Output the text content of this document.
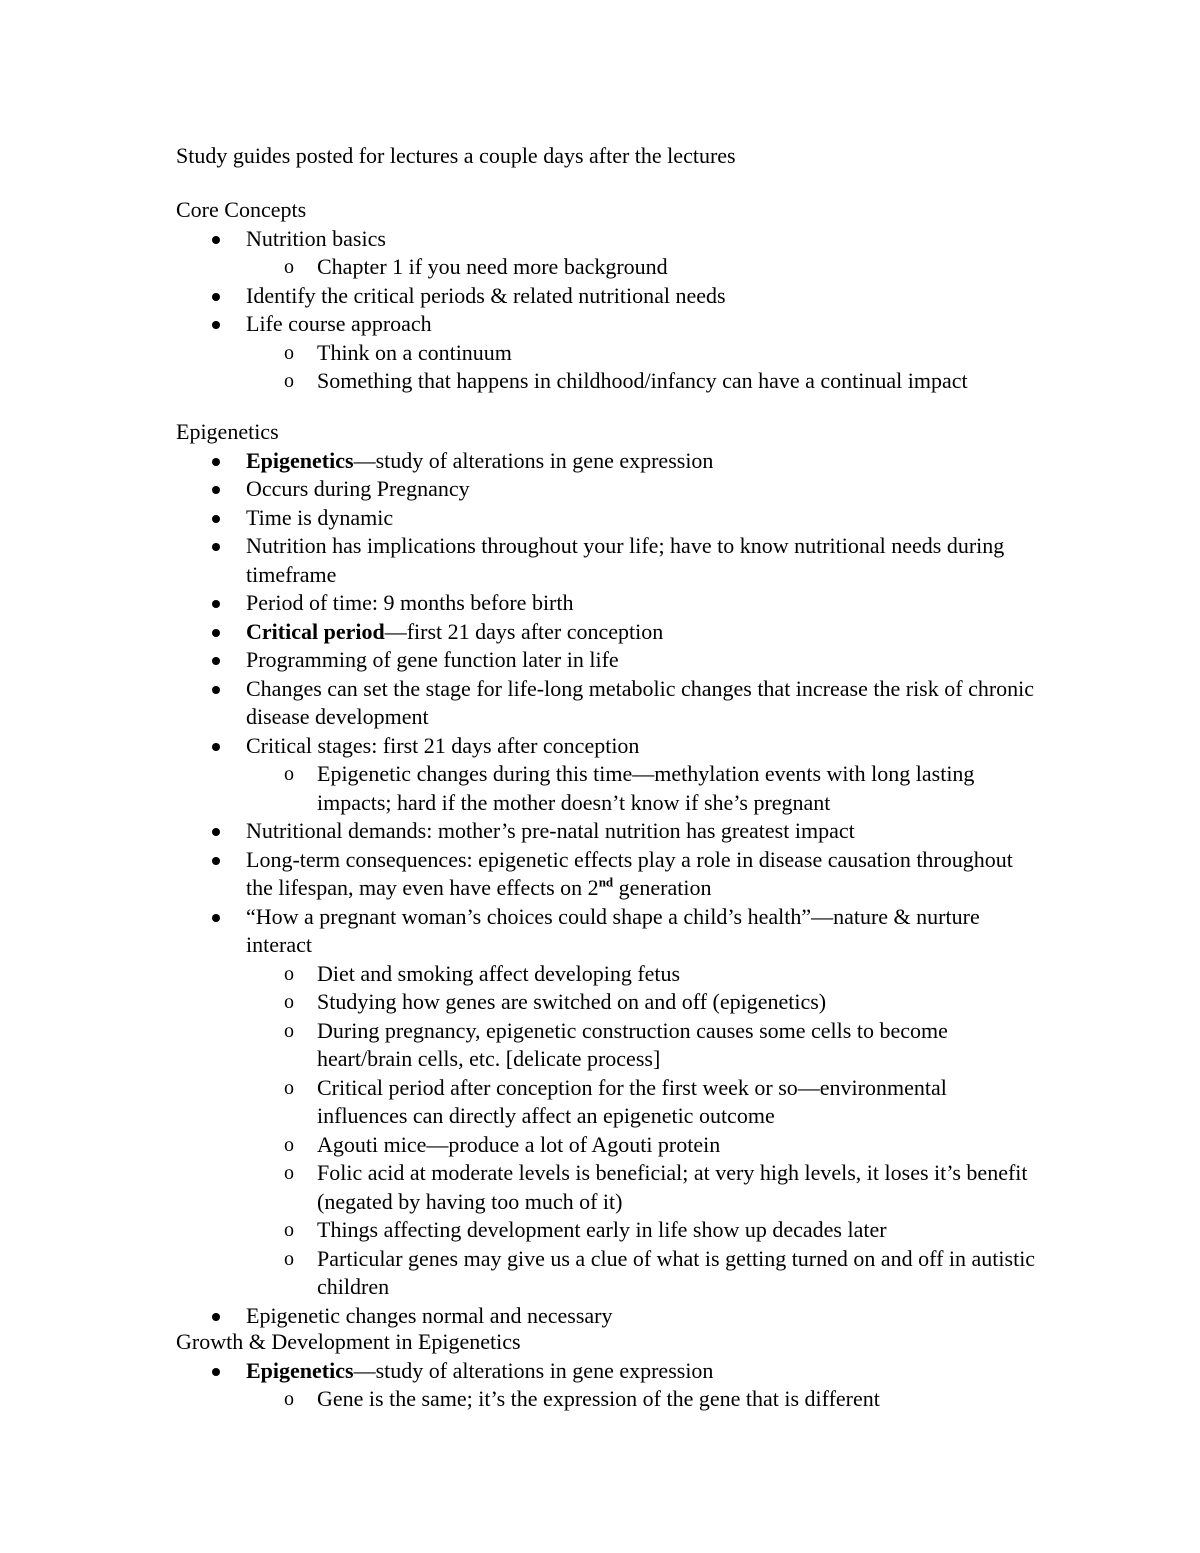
Study guides posted for lectures a couple days after the lectures

Core Concepts

Nutrition basics
o Chapter 1 if you need more background
Identify the critical periods & related nutritional needs
Life course approach
o Think on a continuum
o Something that happens in childhood/infancy can have a continual impact

Epigenetics

Epigenetics—study of alterations in gene expression
Occurs during Pregnancy
Time is dynamic
Nutrition has implications throughout your life; have to know nutritional needs during timeframe
Period of time: 9 months before birth
Critical period—first 21 days after conception
Programming of gene function later in life
Changes can set the stage for life-long metabolic changes that increase the risk of chronic disease development
Critical stages: first 21 days after conception
o Epigenetic changes during this time—methylation events with long lasting impacts; hard if the mother doesn’t know if she’s pregnant
Nutritional demands: mother’s pre-natal nutrition has greatest impact
Long-term consequences: epigenetic effects play a role in disease causation throughout the lifespan, may even have effects on 2nd generation
“How a pregnant woman’s choices could shape a child’s health”—nature & nurture interact
o Diet and smoking affect developing fetus
o Studying how genes are switched on and off (epigenetics)
o During pregnancy, epigenetic construction causes some cells to become heart/brain cells, etc. [delicate process]
o Critical period after conception for the first week or so—environmental influences can directly affect an epigenetic outcome
o Agouti mice—produce a lot of Agouti protein
o Folic acid at moderate levels is beneficial; at very high levels, it loses it’s benefit (negated by having too much of it)
o Things affecting development early in life show up decades later
o Particular genes may give us a clue of what is getting turned on and off in autistic children
Epigenetic changes normal and necessary

Growth & Development in Epigenetics

Epigenetics—study of alterations in gene expression
o Gene is the same; it’s the expression of the gene that is different
